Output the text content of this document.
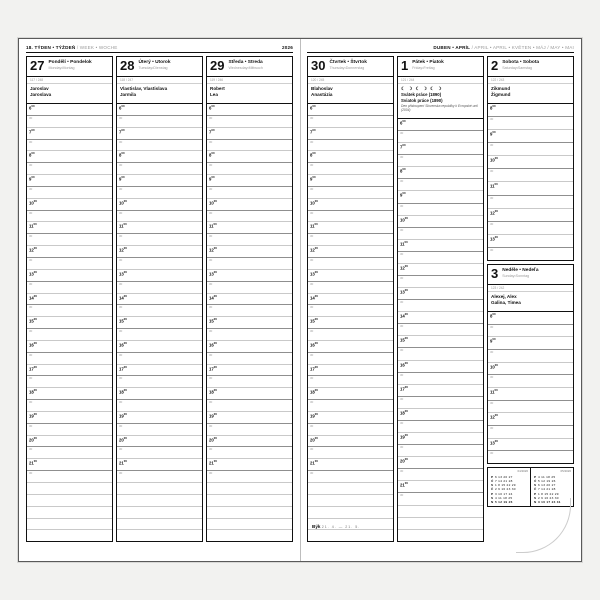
18. TÝDEN • TÝŽDEŇ / WEEK • WOCHE	2026
27 Pondělí • Pondelok
Monday•Montag
117 / 248
Jaroslav
Jaroslava
$6^{00}$
30
$7^{00}$
30
$8^{00}$
30
$9^{00}$
30
$10^{00}$
30
$11^{00}$
30
$12^{00}$
30
$13^{00}$
30
$14^{00}$
30
$15^{00}$
30
$16^{00}$
30
$17^{00}$
30
$18^{00}$
30
$19^{00}$
30
$20^{00}$
30
$21^{00}$
30
28 Úterý • Utorok
Tuesday•Dienstag
118 / 247
Vlastislav, Vlastislava
Jarmila
$6^{00}$
30
$7^{00}$
30
$8^{00}$
30
$9^{00}$
30
$10^{00}$
30
$11^{00}$
30
$12^{00}$
30
$13^{00}$
30
$14^{00}$
30
$15^{00}$
30
$16^{00}$
30
$17^{00}$
30
$18^{00}$
30
$19^{00}$
30
$20^{00}$
30
$21^{00}$
30
29 Středa • Streda
Wednesday•Mittwoch
119 / 246
Robert
Lea
$6^{00}$
30
$7^{00}$
30
$8^{00}$
30
$9^{00}$
30
$10^{00}$
30
$11^{00}$
30
$12^{00}$
30
$13^{00}$
30
$14^{00}$
30
$15^{00}$
30
$16^{00}$
30
$17^{00}$
30
$18^{00}$
30
$19^{00}$
30
$20^{00}$
30
$21^{00}$
30
DUBEN • APRÍL / APRIL • APRIL • KVĚTEN • MÁJ / MAY • MAI
30 Čtvrtek • Štvrtok
Thursday•Donnerstag
120 / 245
Blahoslav
Anastázia
$6^{00}$
30
$7^{00}$
30
$8^{00}$
30
$9^{00}$
30
$10^{00}$
30
$11^{00}$
30
$12^{00}$
30
$13^{00}$
30
$14^{00}$
30
$15^{00}$
30
$16^{00}$
30
$17^{00}$
30
$18^{00}$
30
$19^{00}$
30
$20^{00}$
30
$21^{00}$
30
1 Pátek • Piatok
Friday•Freitag
121 / 244
☾ ☽ ☾ ☽ ☾ ☽
Svátek práce (1890)
Sviatok práce (1890)
Den přistoupení Slovenska republiky k Evropské unii (2004)
$6^{00}$
30
$7^{00}$
30
$8^{00}$
30
$9^{00}$
30
$10^{00}$
30
$11^{00}$
30
$12^{00}$
30
$13^{00}$
30
$14^{00}$
30
$15^{00}$
30
$16^{00}$
30
$17^{00}$
30
$18^{00}$
30
$19^{00}$
30
$20^{00}$
30
$21^{00}$
30
2 Sobota • Sobota
Saturday•Samstag
122 / 243
Zikmund
Žigmund
$8^{00}$
30
$9^{00}$
30
$10^{00}$
30
$11^{00}$
30
$12^{00}$
30
$13^{00}$
30
3 Neděle • Nedeľa
Sunday•Sonntag
123 / 242
Alexej, Alex
Galina, Timea
$8^{00}$
30
$9^{00}$
30
$10^{00}$
30
$11^{00}$
30
$12^{00}$
30
$13^{00}$
30
04/2026
P 6 13 20 27
Ú 7 14 21 28
S 1 8 15 22 29
Č 2 9 16 23 30
P 3 10 17 24
S 4 11 18 25
N 5 12 19 26
05/2026
P 4 11 18 25
Ú 5 12 19 26
S 6 13 20 27
Č 7 14 21 28
P 1 8 15 22 29
S 2 9 16 23 30
N 3 10 17 24 31
Býk 21. 4. — 21. 5.
